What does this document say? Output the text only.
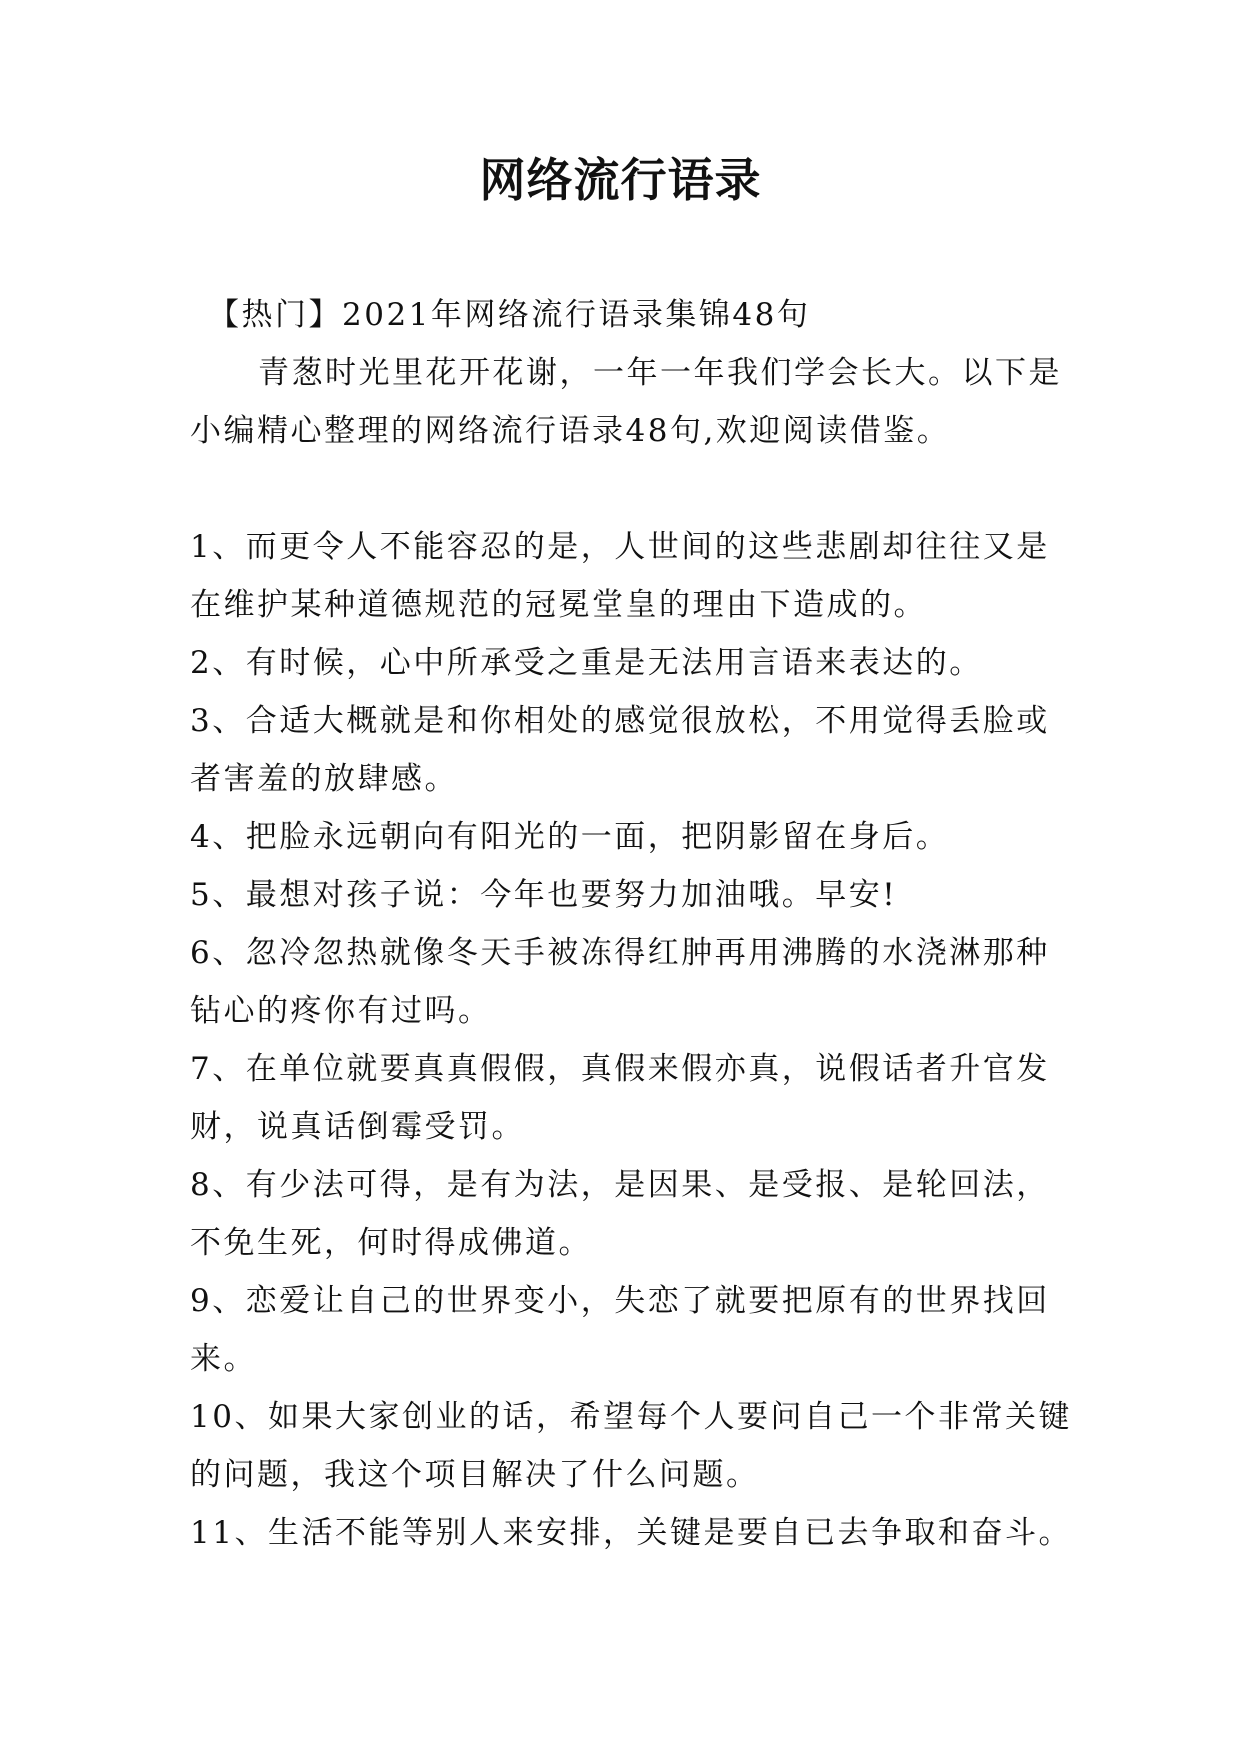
网络流行语录

【热门】2021年网络流行语录集锦48句

青葱时光里花开花谢，一年一年我们学会长大。以下是

小编精心整理的网络流行语录48句,欢迎阅读借鉴。

1、而更令人不能容忍的是，人世间的这些悲剧却往往又是

在维护某种道德规范的冠冕堂皇的理由下造成的。

2、有时候，心中所承受之重是无法用言语来表达的。

3、合适大概就是和你相处的感觉很放松，不用觉得丢脸或

者害羞的放肆感。

4、把脸永远朝向有阳光的一面，把阴影留在身后。

5、最想对孩子说：今年也要努力加油哦。早安!

6、忽冷忽热就像冬天手被冻得红肿再用沸腾的水浇淋那种

钻心的疼你有过吗。

7、在单位就要真真假假，真假来假亦真，说假话者升官发

财，说真话倒霉受罚。

8、有少法可得，是有为法，是因果、是受报、是轮回法，

不免生死，何时得成佛道。

9、恋爱让自己的世界变小，失恋了就要把原有的世界找回

来。

10、如果大家创业的话，希望每个人要问自己一个非常关键

的问题，我这个项目解决了什么问题。

11、生活不能等别人来安排，关键是要自已去争取和奋斗。
